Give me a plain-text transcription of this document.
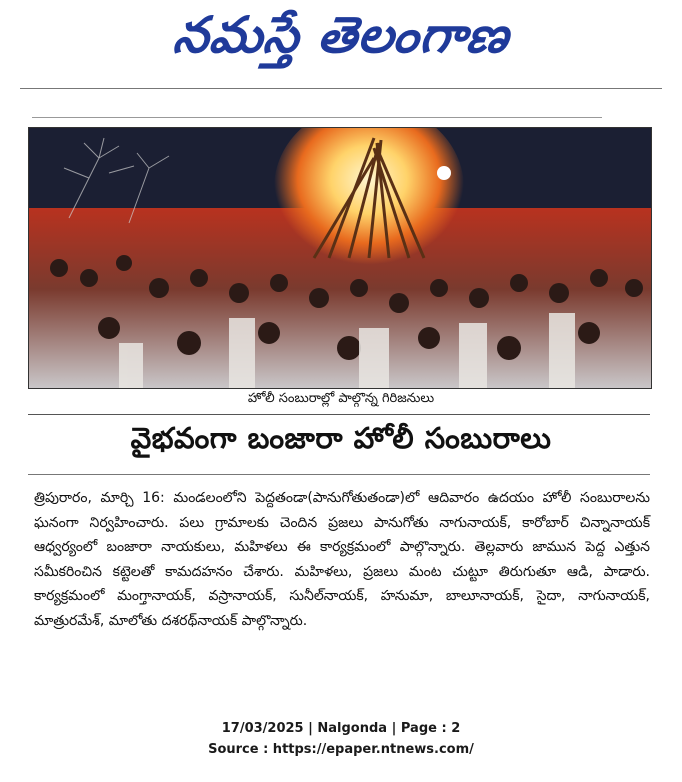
నమస్తే తెలంగాణ
హోలీ సంబురాల్లో పాల్గొన్న గిరిజనులు
వైభవంగా బంజారా హోలీ సంబురాలు
త్రిపురారం, మార్చి 16: మండలంలోని పెద్దతండా(పానుగోతుతండా)లో ఆదివారం ఉదయం హోలీ సంబురాలను ఘనంగా నిర్వహించారు. పలు గ్రామాలకు చెందిన ప్రజలు పానుగోతు నాగునాయక్, కారోబార్ చిన్నానాయక్ ఆధ్వర్యంలో బంజారా నాయకులు, మహిళలు ఈ కార్యక్రమంలో పాల్గొన్నారు. తెల్లవారు జామున పెద్ద ఎత్తున సమీకరించిన కట్టెలతో కామదహనం చేశారు. మహిళలు, ప్రజలు మంట చుట్టూ తిరుగుతూ ఆడి, పాడారు. కార్యక్రమంలో మంగ్తానాయక్, వస్రానాయక్, సునీల్‌నాయక్, హనుమా, బాలూనాయక్, సైదా, నాగునాయక్, మాత్రురమేశ్, మాలోతు దశరథ్‌నాయక్ పాల్గొన్నారు.
17/03/2025 | Nalgonda | Page : 2
Source : https://epaper.ntnews.com/
